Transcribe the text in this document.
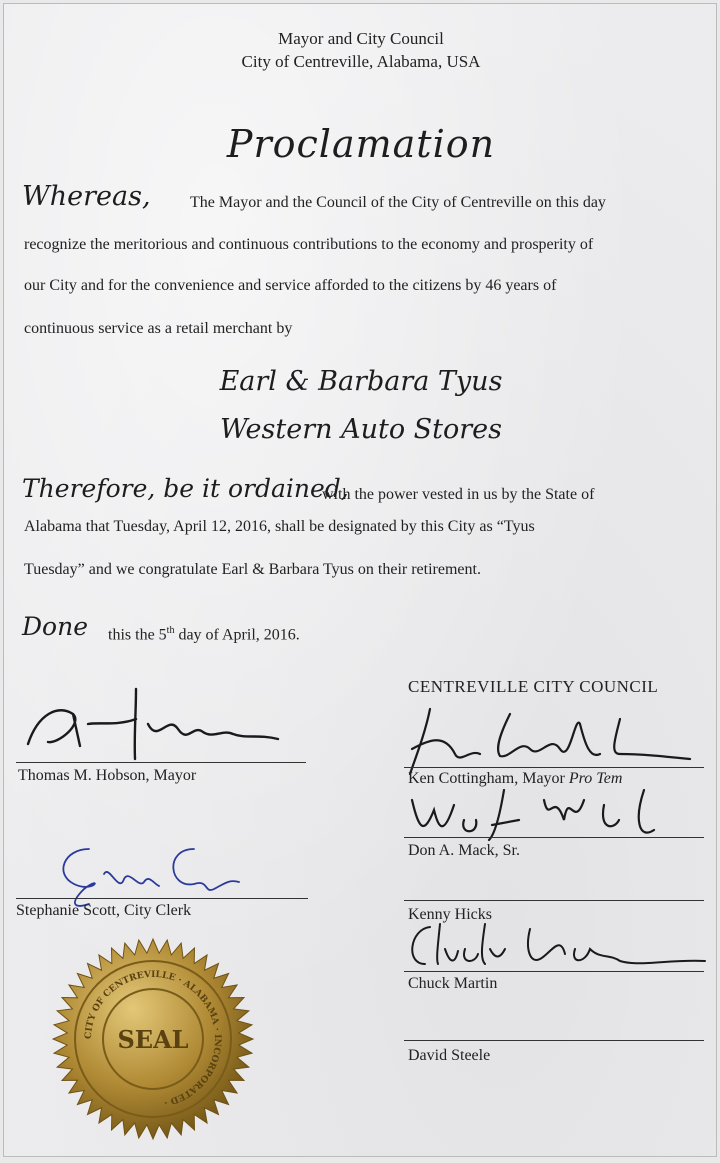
Mayor and City Council
City of Centreville, Alabama, USA
Proclamation
Whereas, The Mayor and the Council of the City of Centreville on this day
recognize the meritorious and continuous contributions to the economy and prosperity of
our City and for the convenience and service afforded to the citizens by 46 years of
continuous service as a retail merchant by
Earl & Barbara Tyus
Western Auto Stores
Therefore, be it ordained,
with the power vested in us by the State of
Alabama that Tuesday, April 12, 2016, shall be designated by this City as “Tyus
Tuesday” and we congratulate Earl & Barbara Tyus on their retirement.
Done this the 5th day of April, 2016.
CENTREVILLE CITY COUNCIL
Thomas M. Hobson, Mayor
Stephanie Scott, City Clerk
Ken Cottingham, Mayor Pro Tem
Don A. Mack, Sr.
Kenny Hicks
Chuck Martin
David Steele
CITY OF CENTREVILLE · ALABAMA · INCORPORATED ·
SEAL
